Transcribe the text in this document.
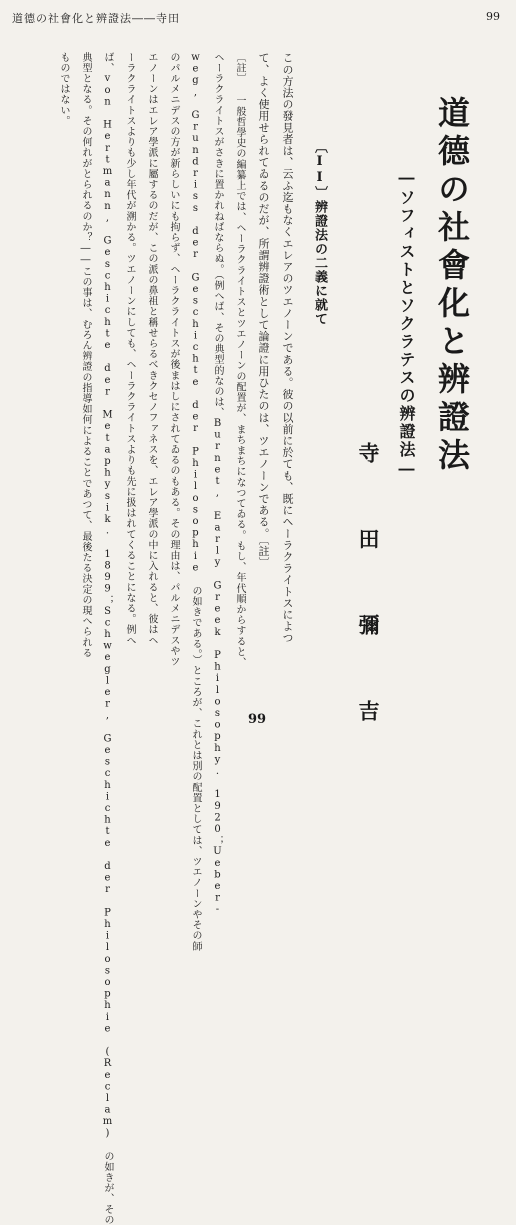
道德の社會化と辨證法――寺田	99
道德の社會化と辨證法
―ソフィストとソクラテスの辨證法―
寺 田 彌 吉
〔II〕辨證法の二義に就て
この方法の發見者は、云ふ迄もなくエレアのツエノーンである。彼の以前に於ても、既にヘーラクライトスによつ
て、よく使用せられてゐるのだが、所謂辨證術として論證に用ひたのは、ツエノーンである。〔註〕
〔註〕 一般哲學史の編纂上では、ヘーラクライトスとツエノーンの配置が、まちまちになつてゐる。もし、年代順からすると、
ヘーラクライトスがさきに置かれねばならぬ。（例へば、その典型的なのは、Burnet, Early Greek Philosophy. 1920；Ueber-
weg, Grundriss der Geschichte der Philosophie の如きである。）ところが、これとは別の配置としては、ツエノーンやその師
のパルメニデスの方が新らしいにも拘らず、ヘーラクライトスが後まはしにされてゐるのもある。その理由は、パルメニデスやツ
エノーンはエレア學派に屬するのだが、この派の鼻祖と稱せらるべきクセノファネスを、エレア學派の中に入れると、彼はヘ
ーラクライトスよりも少し年代が溯かる。ツエノーンにしても、ヘーラクライトスよりも先に扱はれてくることになる。例へ
ば、von Hertmann, Geschichte der Metaphysik. 1899；Schwegler, Geschichte der Philosophie (Reclam) の如きが、その
典型となる。その何れがとられるのか？――この事は、むろん辨證の指導如何によることであつて、最後たる決定の現へられる
ものではない。
99
